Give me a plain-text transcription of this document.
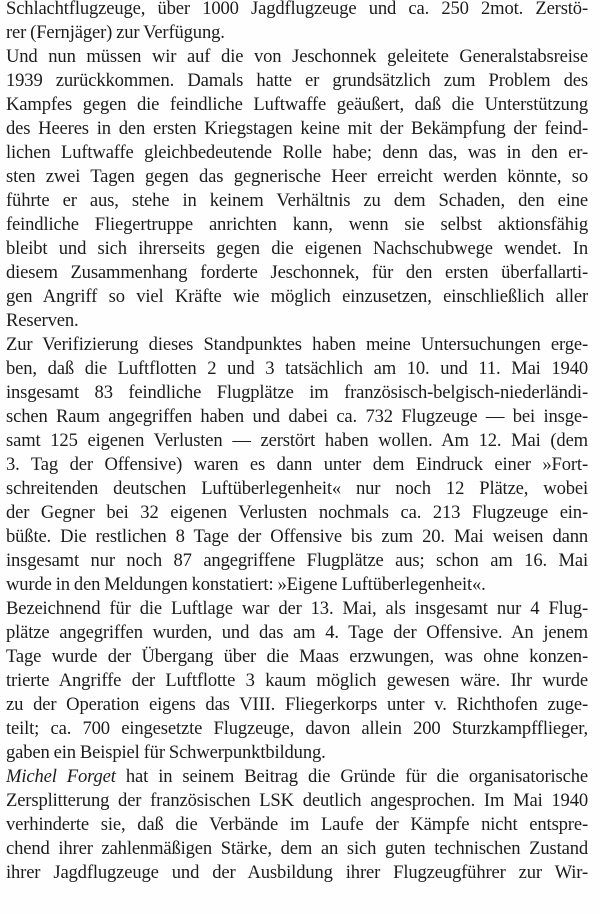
Schlachtflugzeuge, über 1000 Jagdflugzeuge und ca. 250 2mot. Zerstö-
rer (Fernjäger) zur Verfügung.
Und nun müssen wir auf die von Jeschonnek geleitete Generalstabsreise
1939 zurückkommen. Damals hatte er grundsätzlich zum Problem des
Kampfes gegen die feindliche Luftwaffe geäußert, daß die Unterstützung
des Heeres in den ersten Kriegstagen keine mit der Bekämpfung der feind-
lichen Luftwaffe gleichbedeutende Rolle habe; denn das, was in den er-
sten zwei Tagen gegen das gegnerische Heer erreicht werden könnte, so
führte er aus, stehe in keinem Verhältnis zu dem Schaden, den eine
feindliche Fliegertruppe anrichten kann, wenn sie selbst aktionsfähig
bleibt und sich ihrerseits gegen die eigenen Nachschubwege wendet. In
diesem Zusammenhang forderte Jeschonnek, für den ersten überfallarti-
gen Angriff so viel Kräfte wie möglich einzusetzen, einschließlich aller
Reserven.
Zur Verifizierung dieses Standpunktes haben meine Untersuchungen erge-
ben, daß die Luftflotten 2 und 3 tatsächlich am 10. und 11. Mai 1940
insgesamt 83 feindliche Flugplätze im französisch-belgisch-niederländi-
schen Raum angegriffen haben und dabei ca. 732 Flugzeuge — bei insge-
samt 125 eigenen Verlusten — zerstört haben wollen. Am 12. Mai (dem
3. Tag der Offensive) waren es dann unter dem Eindruck einer »Fort-
schreitenden deutschen Luftüberlegenheit« nur noch 12 Plätze, wobei
der Gegner bei 32 eigenen Verlusten nochmals ca. 213 Flugzeuge ein-
büßte. Die restlichen 8 Tage der Offensive bis zum 20. Mai weisen dann
insgesamt nur noch 87 angegriffene Flugplätze aus; schon am 16. Mai
wurde in den Meldungen konstatiert: »Eigene Luftüberlegenheit«.
Bezeichnend für die Luftlage war der 13. Mai, als insgesamt nur 4 Flug-
plätze angegriffen wurden, und das am 4. Tage der Offensive. An jenem
Tage wurde der Übergang über die Maas erzwungen, was ohne konzen-
trierte Angriffe der Luftflotte 3 kaum möglich gewesen wäre. Ihr wurde
zu der Operation eigens das VIII. Fliegerkorps unter v. Richthofen zuge-
teilt; ca. 700 eingesetzte Flugzeuge, davon allein 200 Sturzkampfflieger,
gaben ein Beispiel für Schwerpunktbildung.
Michel Forget hat in seinem Beitrag die Gründe für die organisatorische
Zersplitterung der französischen LSK deutlich angesprochen. Im Mai 1940
verhinderte sie, daß die Verbände im Laufe der Kämpfe nicht entspre-
chend ihrer zahlenmäßigen Stärke, dem an sich guten technischen Zustand
ihrer Jagdflugzeuge und der Ausbildung ihrer Flugzeugführer zur Wir-
